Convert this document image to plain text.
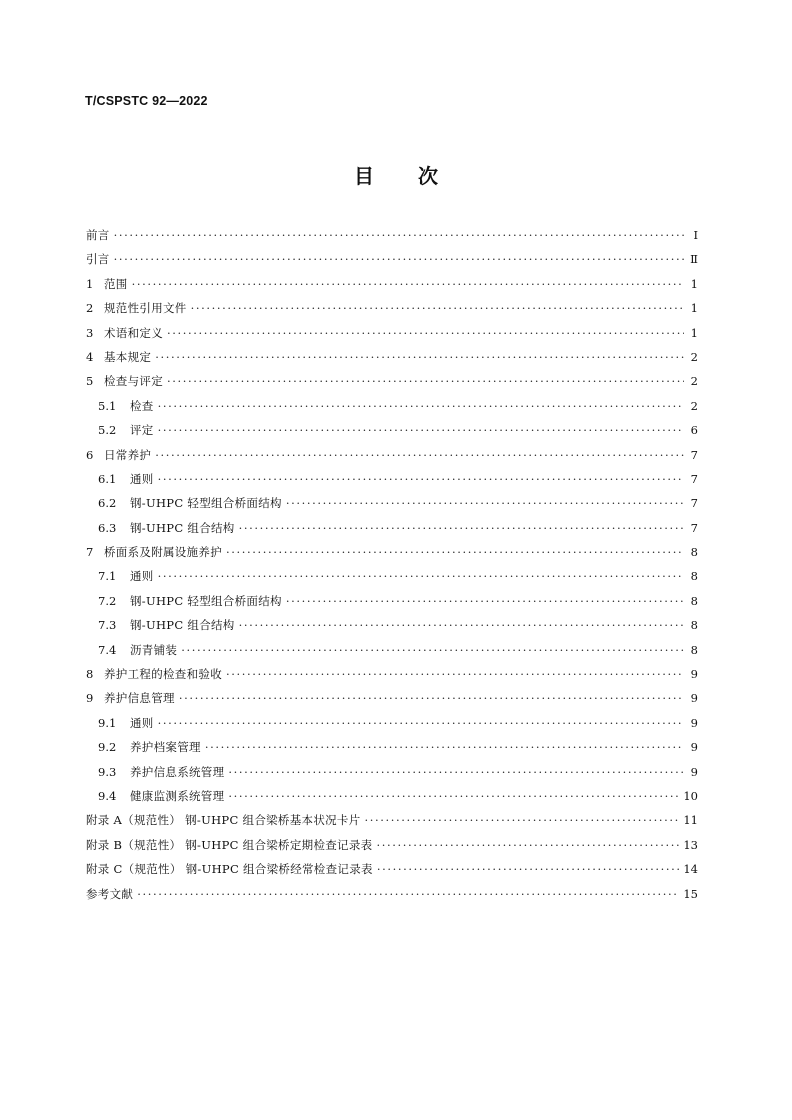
T/CSPSTC 92—2022
目 次
前言 ·····	Ⅰ
引言 ·····	Ⅱ
1 范围 ·····	1
2 规范性引用文件 ·····	1
3 术语和定义 ·····	1
4 基本规定 ·····	2
5 检查与评定 ·····	2
5.1	检查 ·····	2
5.2	评定 ·····	6
6 日常养护 ·····	7
6.1	通则 ·····	7
6.2	钢-UHPC 轻型组合桥面结构 ·····	7
6.3	钢-UHPC 组合结构 ·····	7
7 桥面系及附属设施养护 ·····	8
7.1	通则 ·····	8
7.2	钢-UHPC 轻型组合桥面结构 ·····	8
7.3	钢-UHPC 组合结构 ·····	8
7.4	沥青铺装 ·····	8
8 养护工程的检查和验收 ·····	9
9 养护信息管理 ·····	9
9.1	通则 ·····	9
9.2	养护档案管理 ·····	9
9.3	养护信息系统管理 ·····	9
9.4	健康监测系统管理 ·····	10
附录 A（规范性） 钢-UHPC 组合梁桥基本状况卡片 ·····	11
附录 B（规范性） 钢-UHPC 组合梁桥定期检查记录表 ·····	13
附录 C（规范性） 钢-UHPC 组合梁桥经常检查记录表 ·····	14
参考文献 ·····	15
